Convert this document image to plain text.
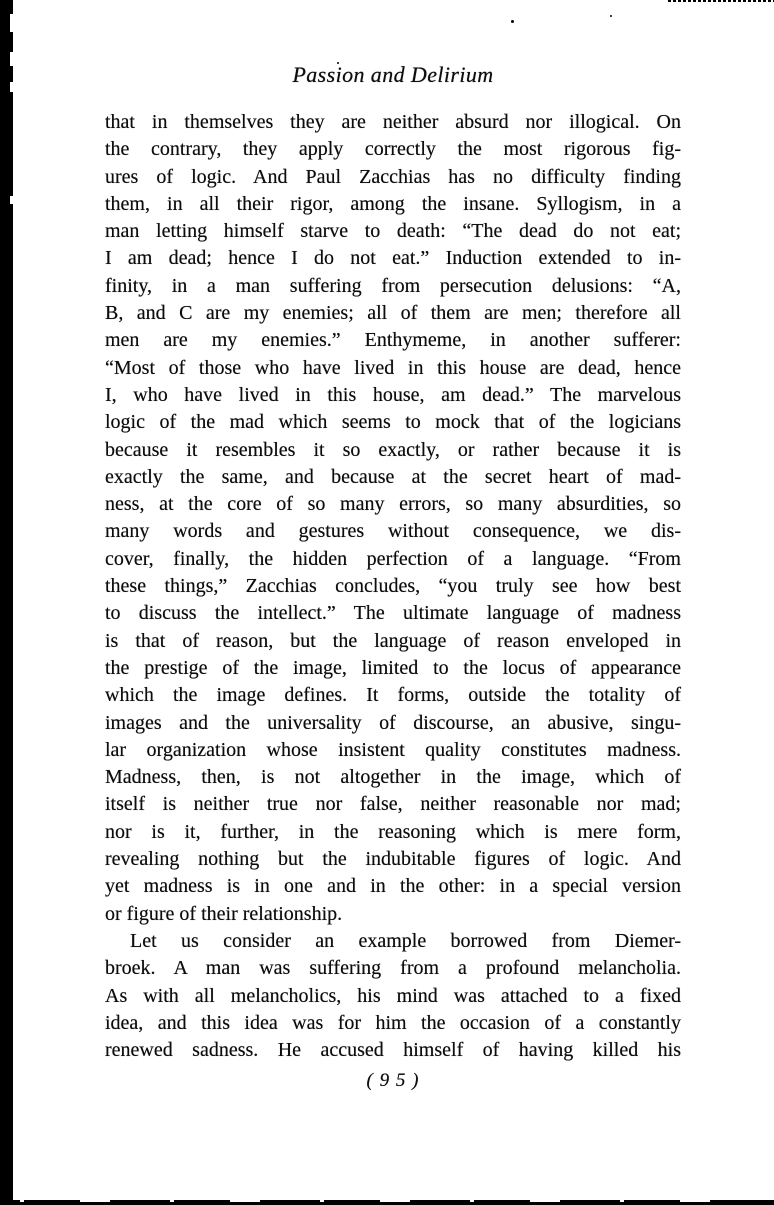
Passion and Delirium
that in themselves they are neither absurd nor illogical. On
the contrary, they apply correctly the most rigorous fig-
ures of logic. And Paul Zacchias has no difficulty finding
them, in all their rigor, among the insane. Syllogism, in a
man letting himself starve to death: “The dead do not eat;
I am dead; hence I do not eat.” Induction extended to in-
finity, in a man suffering from persecution delusions: “A,
B, and C are my enemies; all of them are men; therefore all
men are my enemies.” Enthymeme, in another sufferer:
“Most of those who have lived in this house are dead, hence
I, who have lived in this house, am dead.” The marvelous
logic of the mad which seems to mock that of the logicians
because it resembles it so exactly, or rather because it is
exactly the same, and because at the secret heart of mad-
ness, at the core of so many errors, so many absurdities, so
many words and gestures without consequence, we dis-
cover, finally, the hidden perfection of a language. “From
these things,” Zacchias concludes, “you truly see how best
to discuss the intellect.” The ultimate language of madness
is that of reason, but the language of reason enveloped in
the prestige of the image, limited to the locus of appearance
which the image defines. It forms, outside the totality of
images and the universality of discourse, an abusive, singu-
lar organization whose insistent quality constitutes madness.
Madness, then, is not altogether in the image, which of
itself is neither true nor false, neither reasonable nor mad;
nor is it, further, in the reasoning which is mere form,
revealing nothing but the indubitable figures of logic. And
yet madness is in one and in the other: in a special version
or figure of their relationship.
Let us consider an example borrowed from Diemer-
broek. A man was suffering from a profound melancholia.
As with all melancholics, his mind was attached to a fixed
idea, and this idea was for him the occasion of a constantly
renewed sadness. He accused himself of having killed his
( 9 5 )
